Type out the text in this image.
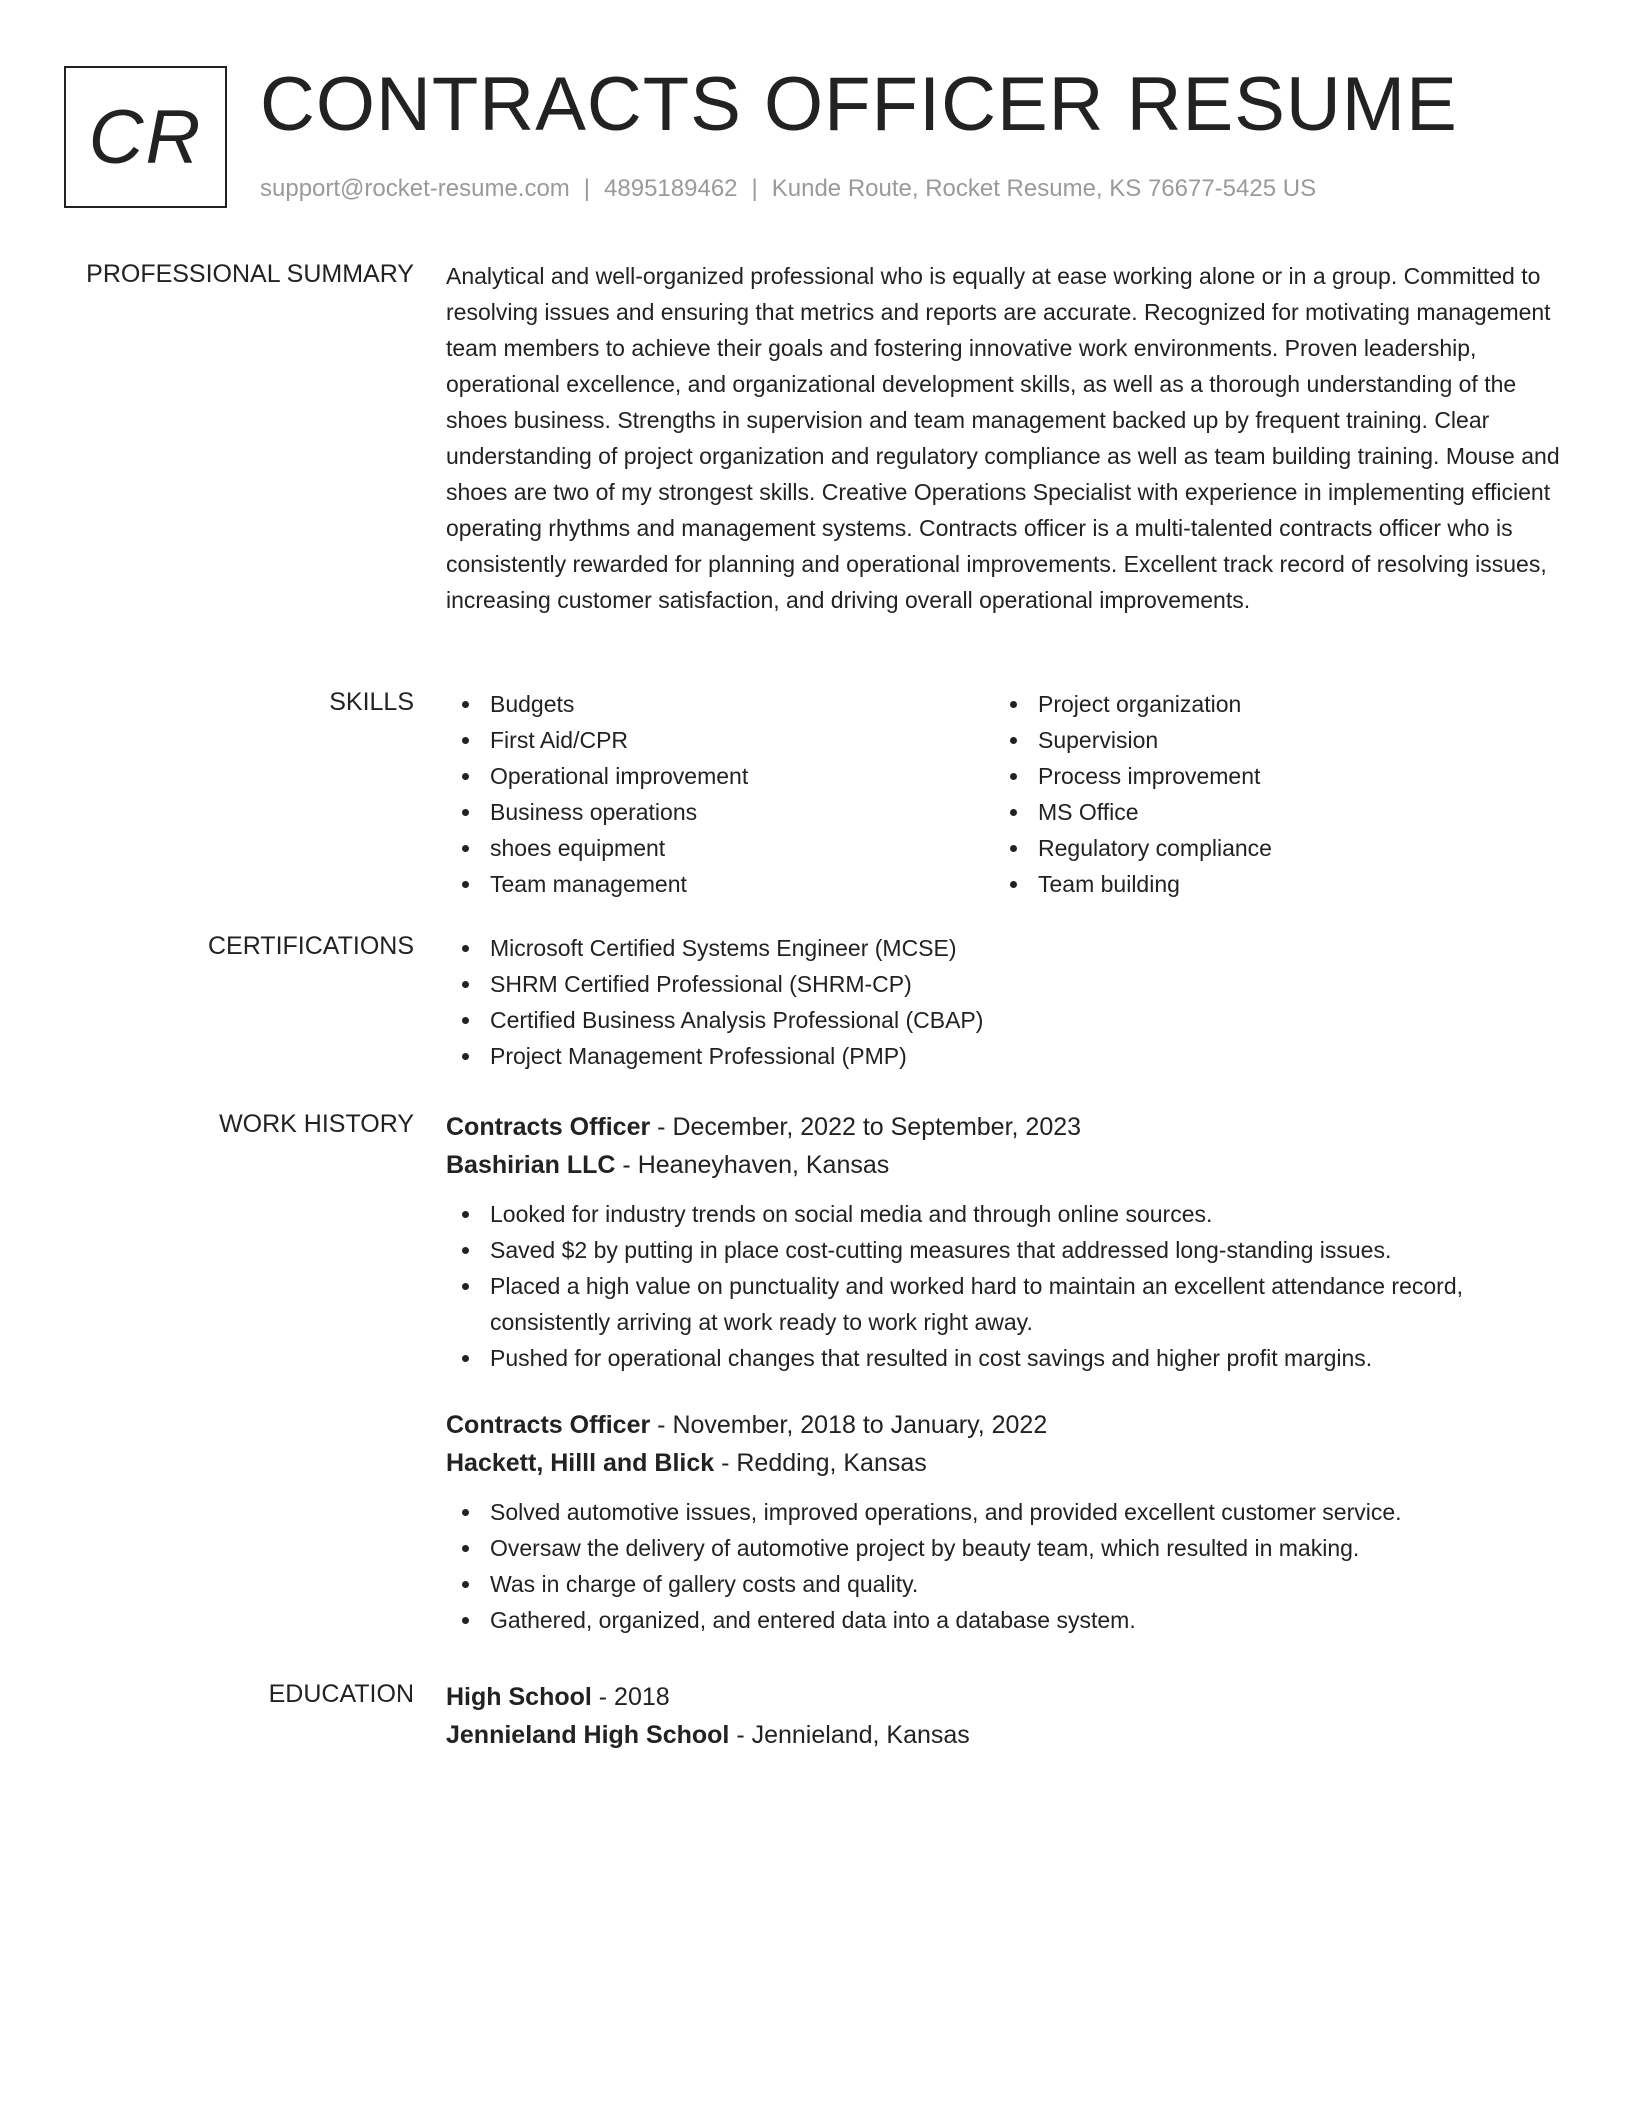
CR CONTRACTS OFFICER RESUME
support@rocket-resume.com | 4895189462 | Kunde Route, Rocket Resume, KS 76677-5425 US
PROFESSIONAL SUMMARY Analytical and well-organized professional who is equally at ease working alone or in a group. Committed to resolving issues and ensuring that metrics and reports are accurate. Recognized for motivating management team members to achieve their goals and fostering innovative work environments. Proven leadership, operational excellence, and organizational development skills, as well as a thorough understanding of the shoes business. Strengths in supervision and team management backed up by frequent training. Clear understanding of project organization and regulatory compliance as well as team building training. Mouse and shoes are two of my strongest skills. Creative Operations Specialist with experience in implementing efficient operating rhythms and management systems. Contracts officer is a multi-talented contracts officer who is consistently rewarded for planning and operational improvements. Excellent track record of resolving issues, increasing customer satisfaction, and driving overall operational improvements.
SKILLS	Budgets
First Aid/CPR
Operational improvement
Business operations
shoes equipment
Team management
Project organization
Supervision
Process improvement
MS Office
Regulatory compliance
Team building
CERTIFICATIONS	Microsoft Certified Systems Engineer (MCSE)
SHRM Certified Professional (SHRM-CP)
Certified Business Analysis Professional (CBAP)
Project Management Professional (PMP)
WORK HISTORY Contracts Officer - December, 2022 to September, 2023
Bashirian LLC - Heaneyhaven, Kansas
Looked for industry trends on social media and through online sources.
Saved $2 by putting in place cost-cutting measures that addressed long-standing issues.
Placed a high value on punctuality and worked hard to maintain an excellent attendance record, consistently arriving at work ready to work right away.
Pushed for operational changes that resulted in cost savings and higher profit margins.
Contracts Officer - November, 2018 to January, 2022
Hackett, Hilll and Blick - Redding, Kansas
Solved automotive issues, improved operations, and provided excellent customer service.
Oversaw the delivery of automotive project by beauty team, which resulted in making.
Was in charge of gallery costs and quality.
Gathered, organized, and entered data into a database system.
EDUCATION High School - 2018
Jennieland High School - Jennieland, Kansas
